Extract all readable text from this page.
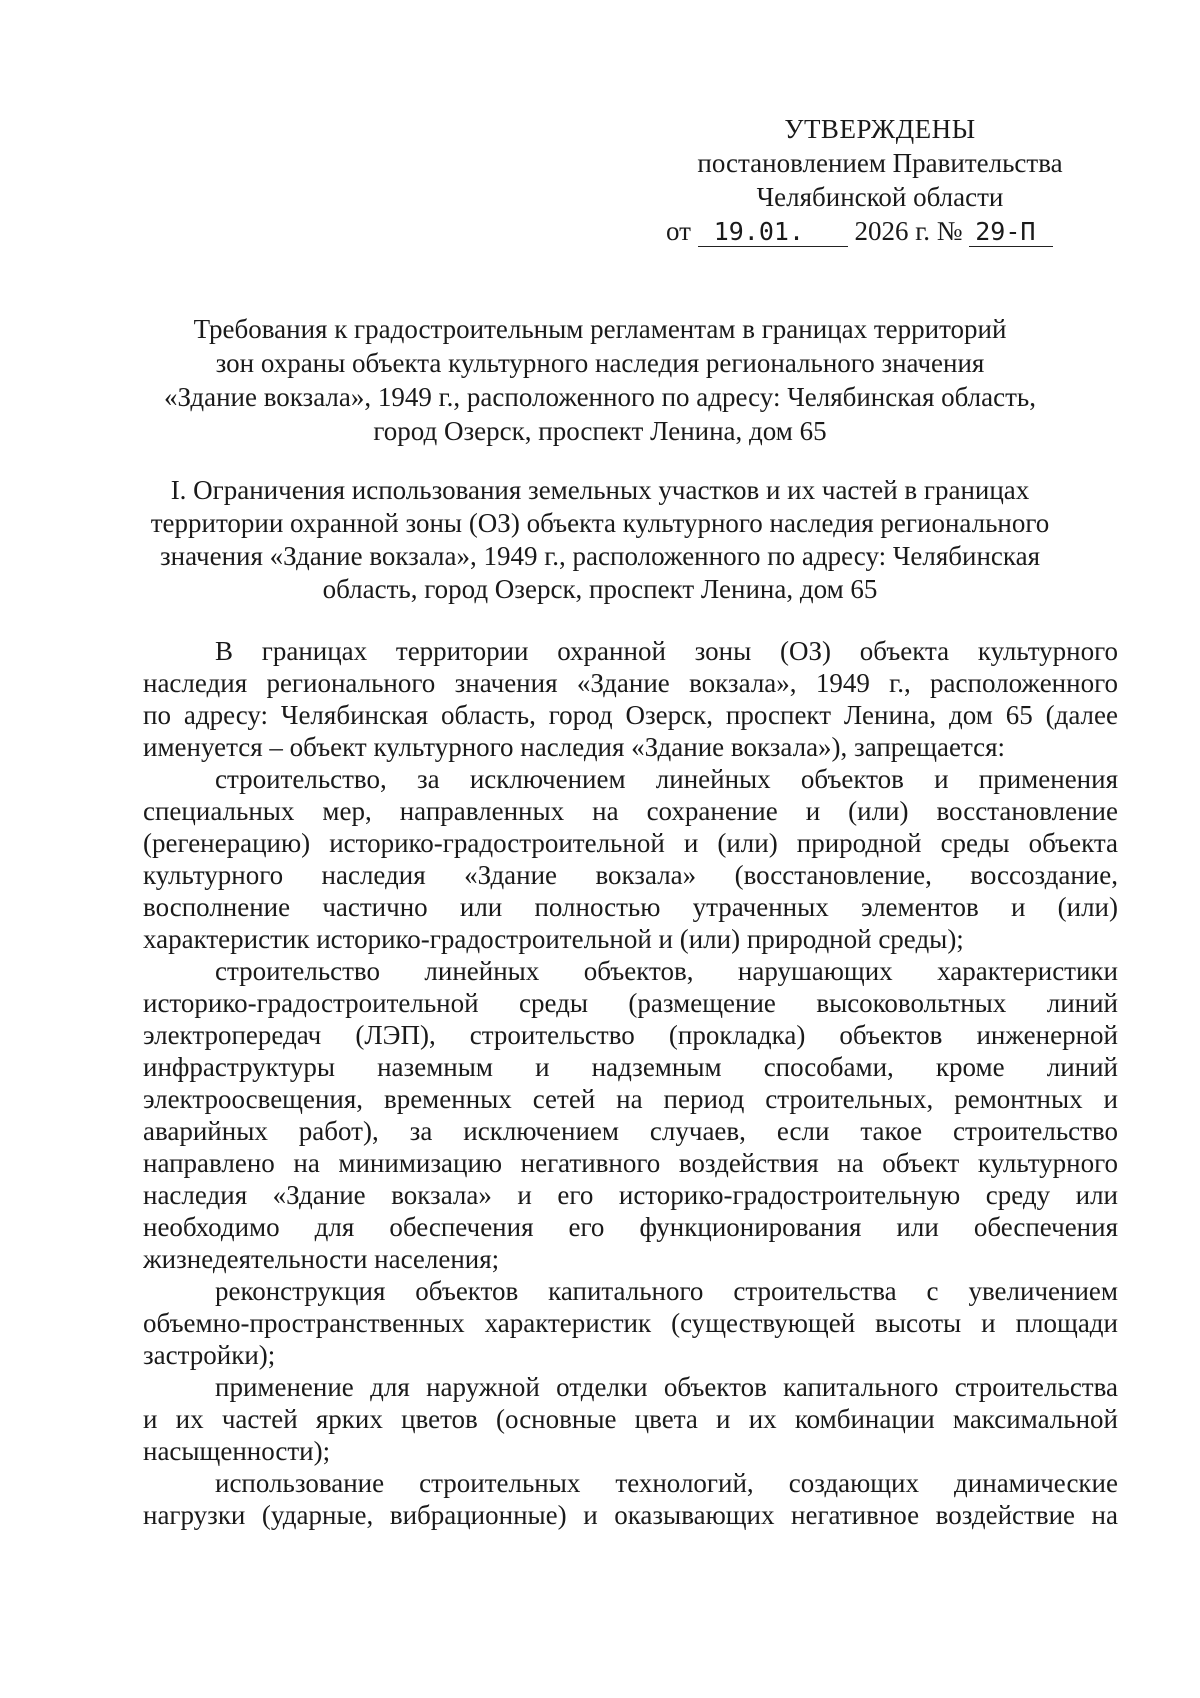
УТВЕРЖДЕНЫ
постановлением Правительства
Челябинской области
от 19.01. 2026 г. № 29-П
Требования к градостроительным регламентам в границах территорий
зон охраны объекта культурного наследия регионального значения
«Здание вокзала», 1949 г., расположенного по адресу: Челябинская область,
город Озерск, проспект Ленина, дом 65
I. Ограничения использования земельных участков и их частей в границах
территории охранной зоны (ОЗ) объекта культурного наследия регионального
значения «Здание вокзала», 1949 г., расположенного по адресу: Челябинская
область, город Озерск, проспект Ленина, дом 65
В границах территории охранной зоны (ОЗ) объекта культурного
наследия регионального значения «Здание вокзала», 1949 г., расположенного
по адресу: Челябинская область, город Озерск, проспект Ленина, дом 65 (далее
именуется – объект культурного наследия «Здание вокзала»), запрещается:
строительство, за исключением линейных объектов и применения
специальных мер, направленных на сохранение и (или) восстановление
(регенерацию) историко-градостроительной и (или) природной среды объекта
культурного наследия «Здание вокзала» (восстановление, воссоздание,
восполнение частично или полностью утраченных элементов и (или)
характеристик историко-градостроительной и (или) природной среды);
строительство линейных объектов, нарушающих характеристики
историко-градостроительной среды (размещение высоковольтных линий
электропередач (ЛЭП), строительство (прокладка) объектов инженерной
инфраструктуры наземным и надземным способами, кроме линий
электроосвещения, временных сетей на период строительных, ремонтных и
аварийных работ), за исключением случаев, если такое строительство
направлено на минимизацию негативного воздействия на объект культурного
наследия «Здание вокзала» и его историко-градостроительную среду или
необходимо для обеспечения его функционирования или обеспечения
жизнедеятельности населения;
реконструкция объектов капитального строительства с увеличением
объемно-пространственных характеристик (существующей высоты и площади
застройки);
применение для наружной отделки объектов капитального строительства
и их частей ярких цветов (основные цвета и их комбинации максимальной
насыщенности);
использование строительных технологий, создающих динамические
нагрузки (ударные, вибрационные) и оказывающих негативное воздействие на
